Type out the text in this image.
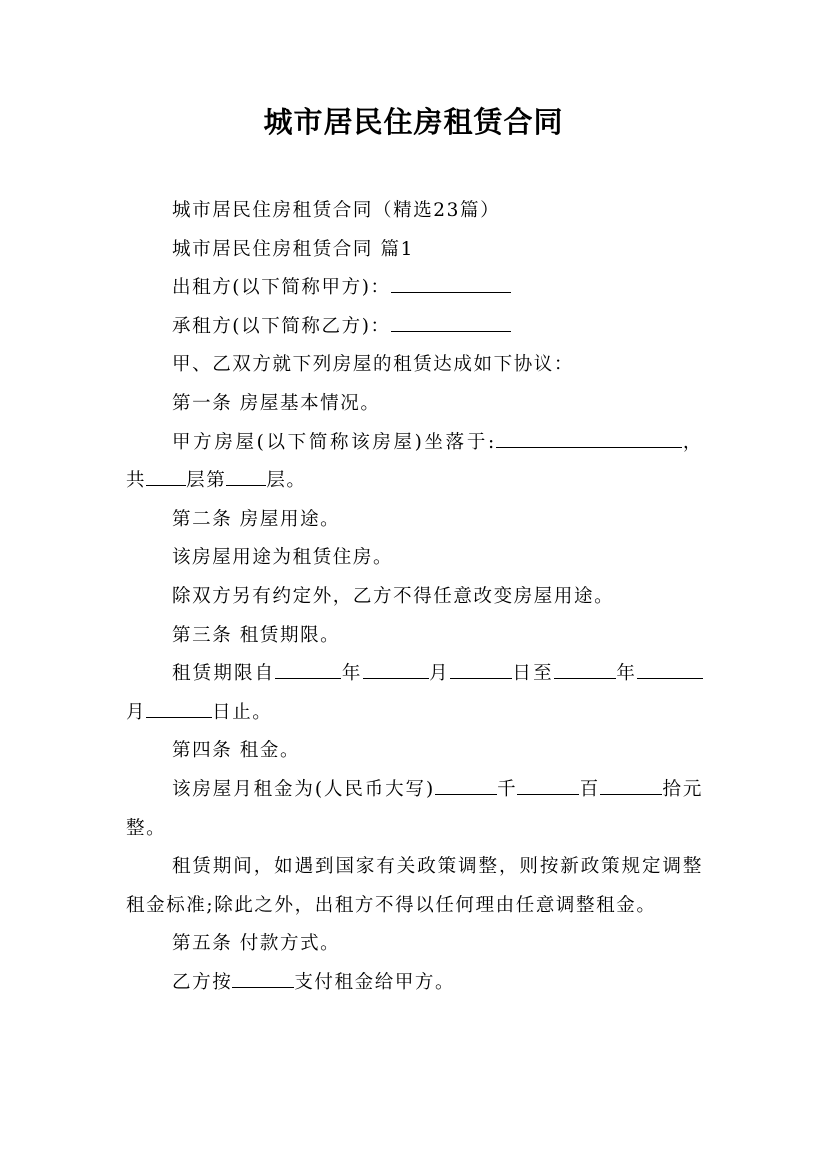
城市居民住房租赁合同

城市居民住房租赁合同（精选23篇）

城市居民住房租赁合同 篇1

出租方(以下简称甲方)：

承租方(以下简称乙方)：

甲、乙双方就下列房屋的租赁达成如下协议：

第一条 房屋基本情况。

甲方房屋(以下简称该房屋)坐落于:	，共 层第 层。

第二条 房屋用途。

该房屋用途为租赁住房。

除双方另有约定外，乙方不得任意改变房屋用途。

第三条 租赁期限。

租赁期限自	年	月	日至	年月	日止。

第四条 租金。

该房屋月租金为(人民币大写)	千	百	拾元整。

租赁期间，如遇到国家有关政策调整，则按新政策规定调整租金标准;除此之外，出租方不得以任何理由任意调整租金。

第五条 付款方式。

乙方按	支付租金给甲方。
